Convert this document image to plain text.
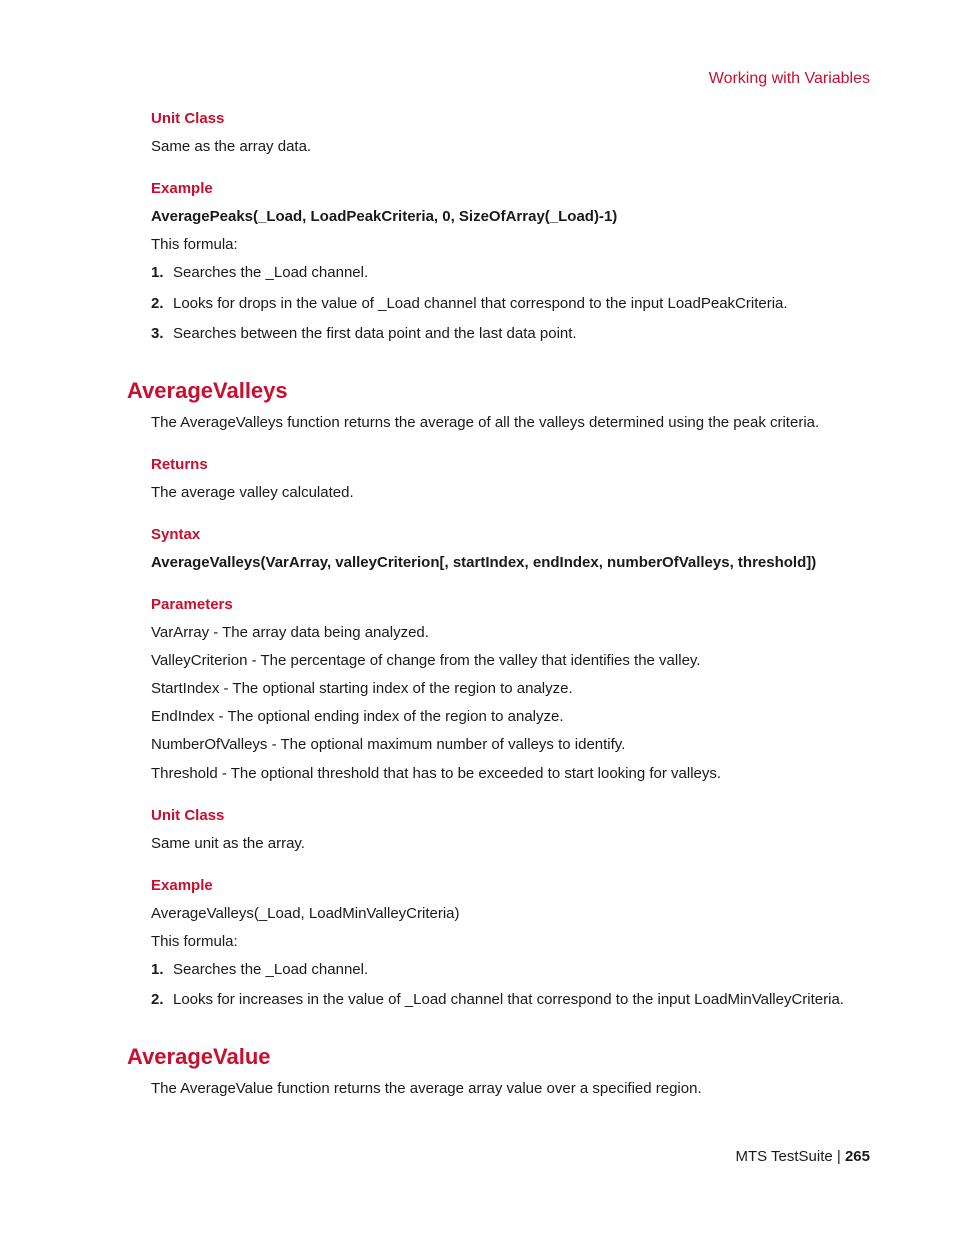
Working with Variables
Unit Class
Same as the array data.
Example
AveragePeaks(_Load, LoadPeakCriteria, 0, SizeOfArray(_Load)-1)
This formula:
1. Searches the _Load channel.
2. Looks for drops in the value of _Load channel that correspond to the input LoadPeakCriteria.
3. Searches between the first data point and the last data point.
AverageValleys
The AverageValleys function returns the average of all the valleys determined using the peak criteria.
Returns
The average valley calculated.
Syntax
AverageValleys(VarArray, valleyCriterion[, startIndex, endIndex, numberOfValleys, threshold])
Parameters
VarArray - The array data being analyzed.
ValleyCriterion - The percentage of change from the valley that identifies the valley.
StartIndex - The optional starting index of the region to analyze.
EndIndex - The optional ending index of the region to analyze.
NumberOfValleys - The optional maximum number of valleys to identify.
Threshold - The optional threshold that has to be exceeded to start looking for valleys.
Unit Class
Same unit as the array.
Example
AverageValleys(_Load, LoadMinValleyCriteria)
This formula:
1. Searches the _Load channel.
2. Looks for increases in the value of _Load channel that correspond to the input LoadMinValleyCriteria.
AverageValue
The AverageValue function returns the average array value over a specified region.
MTS TestSuite | 265
